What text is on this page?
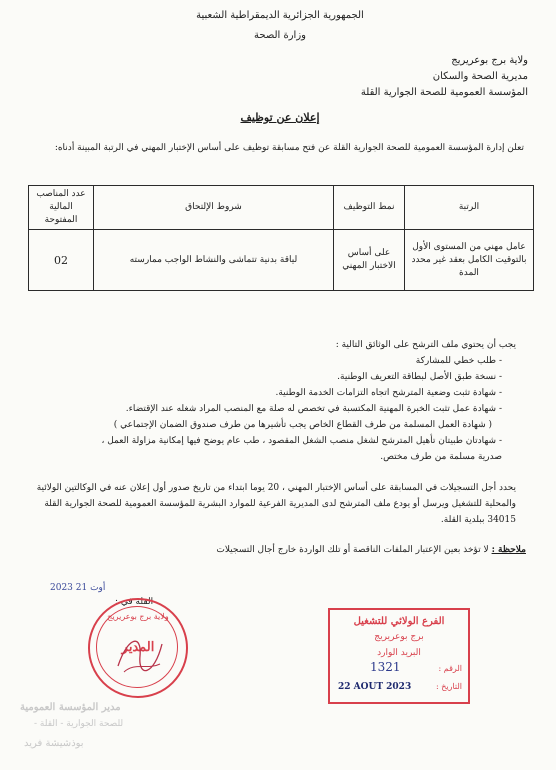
الجمهورية الجزائرية الديمقراطية الشعبية
وزارة الصحة
ولاية برج بوعريريج
مديرية الصحة والسكان
المؤسسة العمومية للصحة الجوارية القلة
إعلان عن توظيف
تعلن إدارة المؤسسة العمومية للصحة الجوارية القلة عن فتح مسابقة توظيف على أساس الإختبار المهني في الرتبة المبينة أدناه:
الرتبة	نمط التوظيف	شروط الإلتحاق	عدد المناصب المالية المفتوحة
عامل مهني من المستوى الأول بالتوقيت الكامل بعقد غير محدد المدة	على أساس الاختبار المهني	لياقة بدنية تتماشى والنشاط الواجب ممارسته	02
يجب أن يحتوي ملف الترشح على الوثائق التالية :
- طلب خطي للمشاركة
- نسخة طبق الأصل لبطاقة التعريف الوطنية.
- شهادة تثبت وضعية المترشح اتجاه التزامات الخدمة الوطنية.
- شهادة عمل تثبت الخبرة المهنية المكتسبة في تخصص له صلة مع المنصب المراد شغله عند الإقتضاء.
( شهادة العمل المسلمة من طرف القطاع الخاص يجب تأشيرها من طرف صندوق الضمان الإجتماعي )
- شهادتان طبيتان تأهيل المترشح لشغل منصب الشغل المقصود ، طب عام يوضح فيها إمكانية مزاولة العمل ،
صدرية مسلمة من طرف مختص.
يحدد أجل التسجيلات في المسابقة على أساس الإختبار المهني ، 20 يوما ابتداء من تاريخ صدور أول إعلان عنه في الوكالتين الولائية والمحلية للتشغيل ويرسل أو يودع ملف المترشح لدى المديرية الفرعية للموارد البشرية للمؤسسة العمومية للصحة الجوارية القلة 34015 ببلدية القلة.
ملاحظة : لا تؤخذ بعين الإعتبار الملفات الناقصة أو تلك الواردة خارج أجال التسجيلات
القلة في :
2023 أوت 21
ولاية برج بوعريريج
المدير
الفرع الولائي للتشغيل
برج بوعريريج
البريد الوارد
الرقم :
التاريخ :
1321
22 AOUT 2023
مدير المؤسسة العمومية
للصحة الجوارية - القلة -
بوذشيشة فريد
